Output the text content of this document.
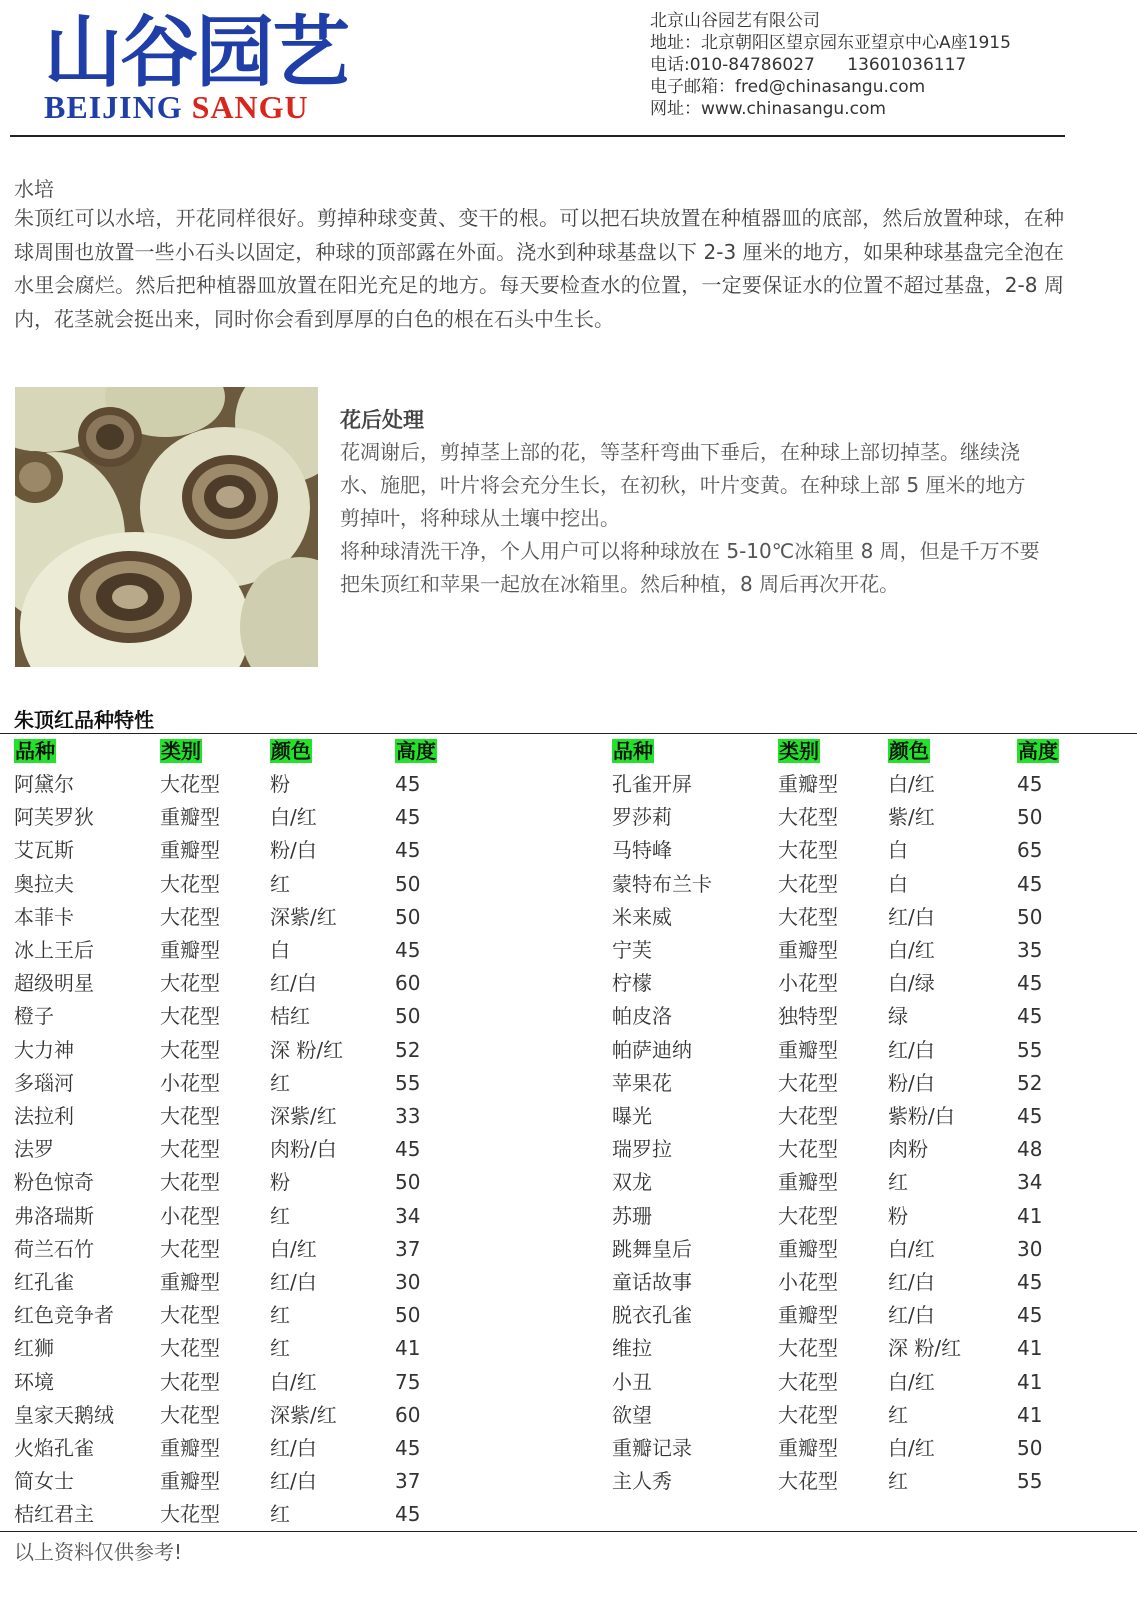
山谷园艺
BEIJING SANGU
北京山谷园艺有限公司
地址：北京朝阳区望京园东亚望京中心A座1915
电话:010-84786027      13601036117
电子邮箱：fred@chinasangu.com
网址：www.chinasangu.com
水培
朱顶红可以水培，开花同样很好。剪掉种球变黄、变干的根。可以把石块放置在种植器皿的底部，然后放置种球，在种球周围也放置一些小石头以固定，种球的顶部露在外面。浇水到种球基盘以下 2-3 厘米的地方，如果种球基盘完全泡在水里会腐烂。然后把种植器皿放置在阳光充足的地方。每天要检查水的位置，一定要保证水的位置不超过基盘，2-8 周内，花茎就会挺出来，同时你会看到厚厚的白色的根在石头中生长。
花后处理

花凋谢后，剪掉茎上部的花，等茎秆弯曲下垂后，在种球上部切掉茎。继续浇水、施肥，叶片将会充分生长，在初秋，叶片变黄。在种球上部 5 厘米的地方剪掉叶，将种球从土壤中挖出。

将种球清洗干净，个人用户可以将种球放在 5-10℃冰箱里 8 周，但是千万不要把朱顶红和苹果一起放在冰箱里。然后种植，8 周后再次开花。

朱顶红品种特性
品种	类别	颜色	高度	品种	类别	颜色	高度
阿黛尔	大花型	粉	45
阿芙罗狄	重瓣型	白/红	45
艾瓦斯	重瓣型	粉/白	45
奥拉夫	大花型	红	50
本菲卡	大花型	深紫/红	50
冰上王后	重瓣型	白	45
超级明星	大花型	红/白	60
橙子	大花型	桔红	50
大力神	大花型	深 粉/红	52
多瑙河	小花型	红	55
法拉利	大花型	深紫/红	33
法罗	大花型	肉粉/白	45
粉色惊奇	大花型	粉	50
弗洛瑞斯	小花型	红	34
荷兰石竹	大花型	白/红	37
红孔雀	重瓣型	红/白	30
红色竞争者 大花型	红	50
红狮	大花型	红	41
环境	大花型	白/红	75
皇家天鹅绒 大花型	深紫/红	60
火焰孔雀	重瓣型	红/白	45
简女士	重瓣型	红/白	37
桔红君主	大花型	红	45
孔雀开屏	重瓣型	白/红	45
罗莎莉	大花型	紫/红	50
马特峰	大花型	白	65
蒙特布兰卡	大花型	白	45
米来威	大花型	红/白	50
宁芙	重瓣型	白/红	35
柠檬	小花型	白/绿	45
帕皮洛	独特型	绿	45
帕萨迪纳	重瓣型	红/白	55
苹果花	大花型	粉/白	52
曝光	大花型	紫粉/白	45
瑞罗拉	大花型	肉粉	48
双龙	重瓣型	红	34
苏珊	大花型	粉	41
跳舞皇后	重瓣型	白/红	30
童话故事	小花型	红/白	45
脱衣孔雀	重瓣型	红/白	45
维拉	大花型	深 粉/红	41
小丑	大花型	白/红	41
欲望	大花型	红	41
重瓣记录	重瓣型	白/红	50
主人秀	大花型	红	55
以上资料仅供参考!
